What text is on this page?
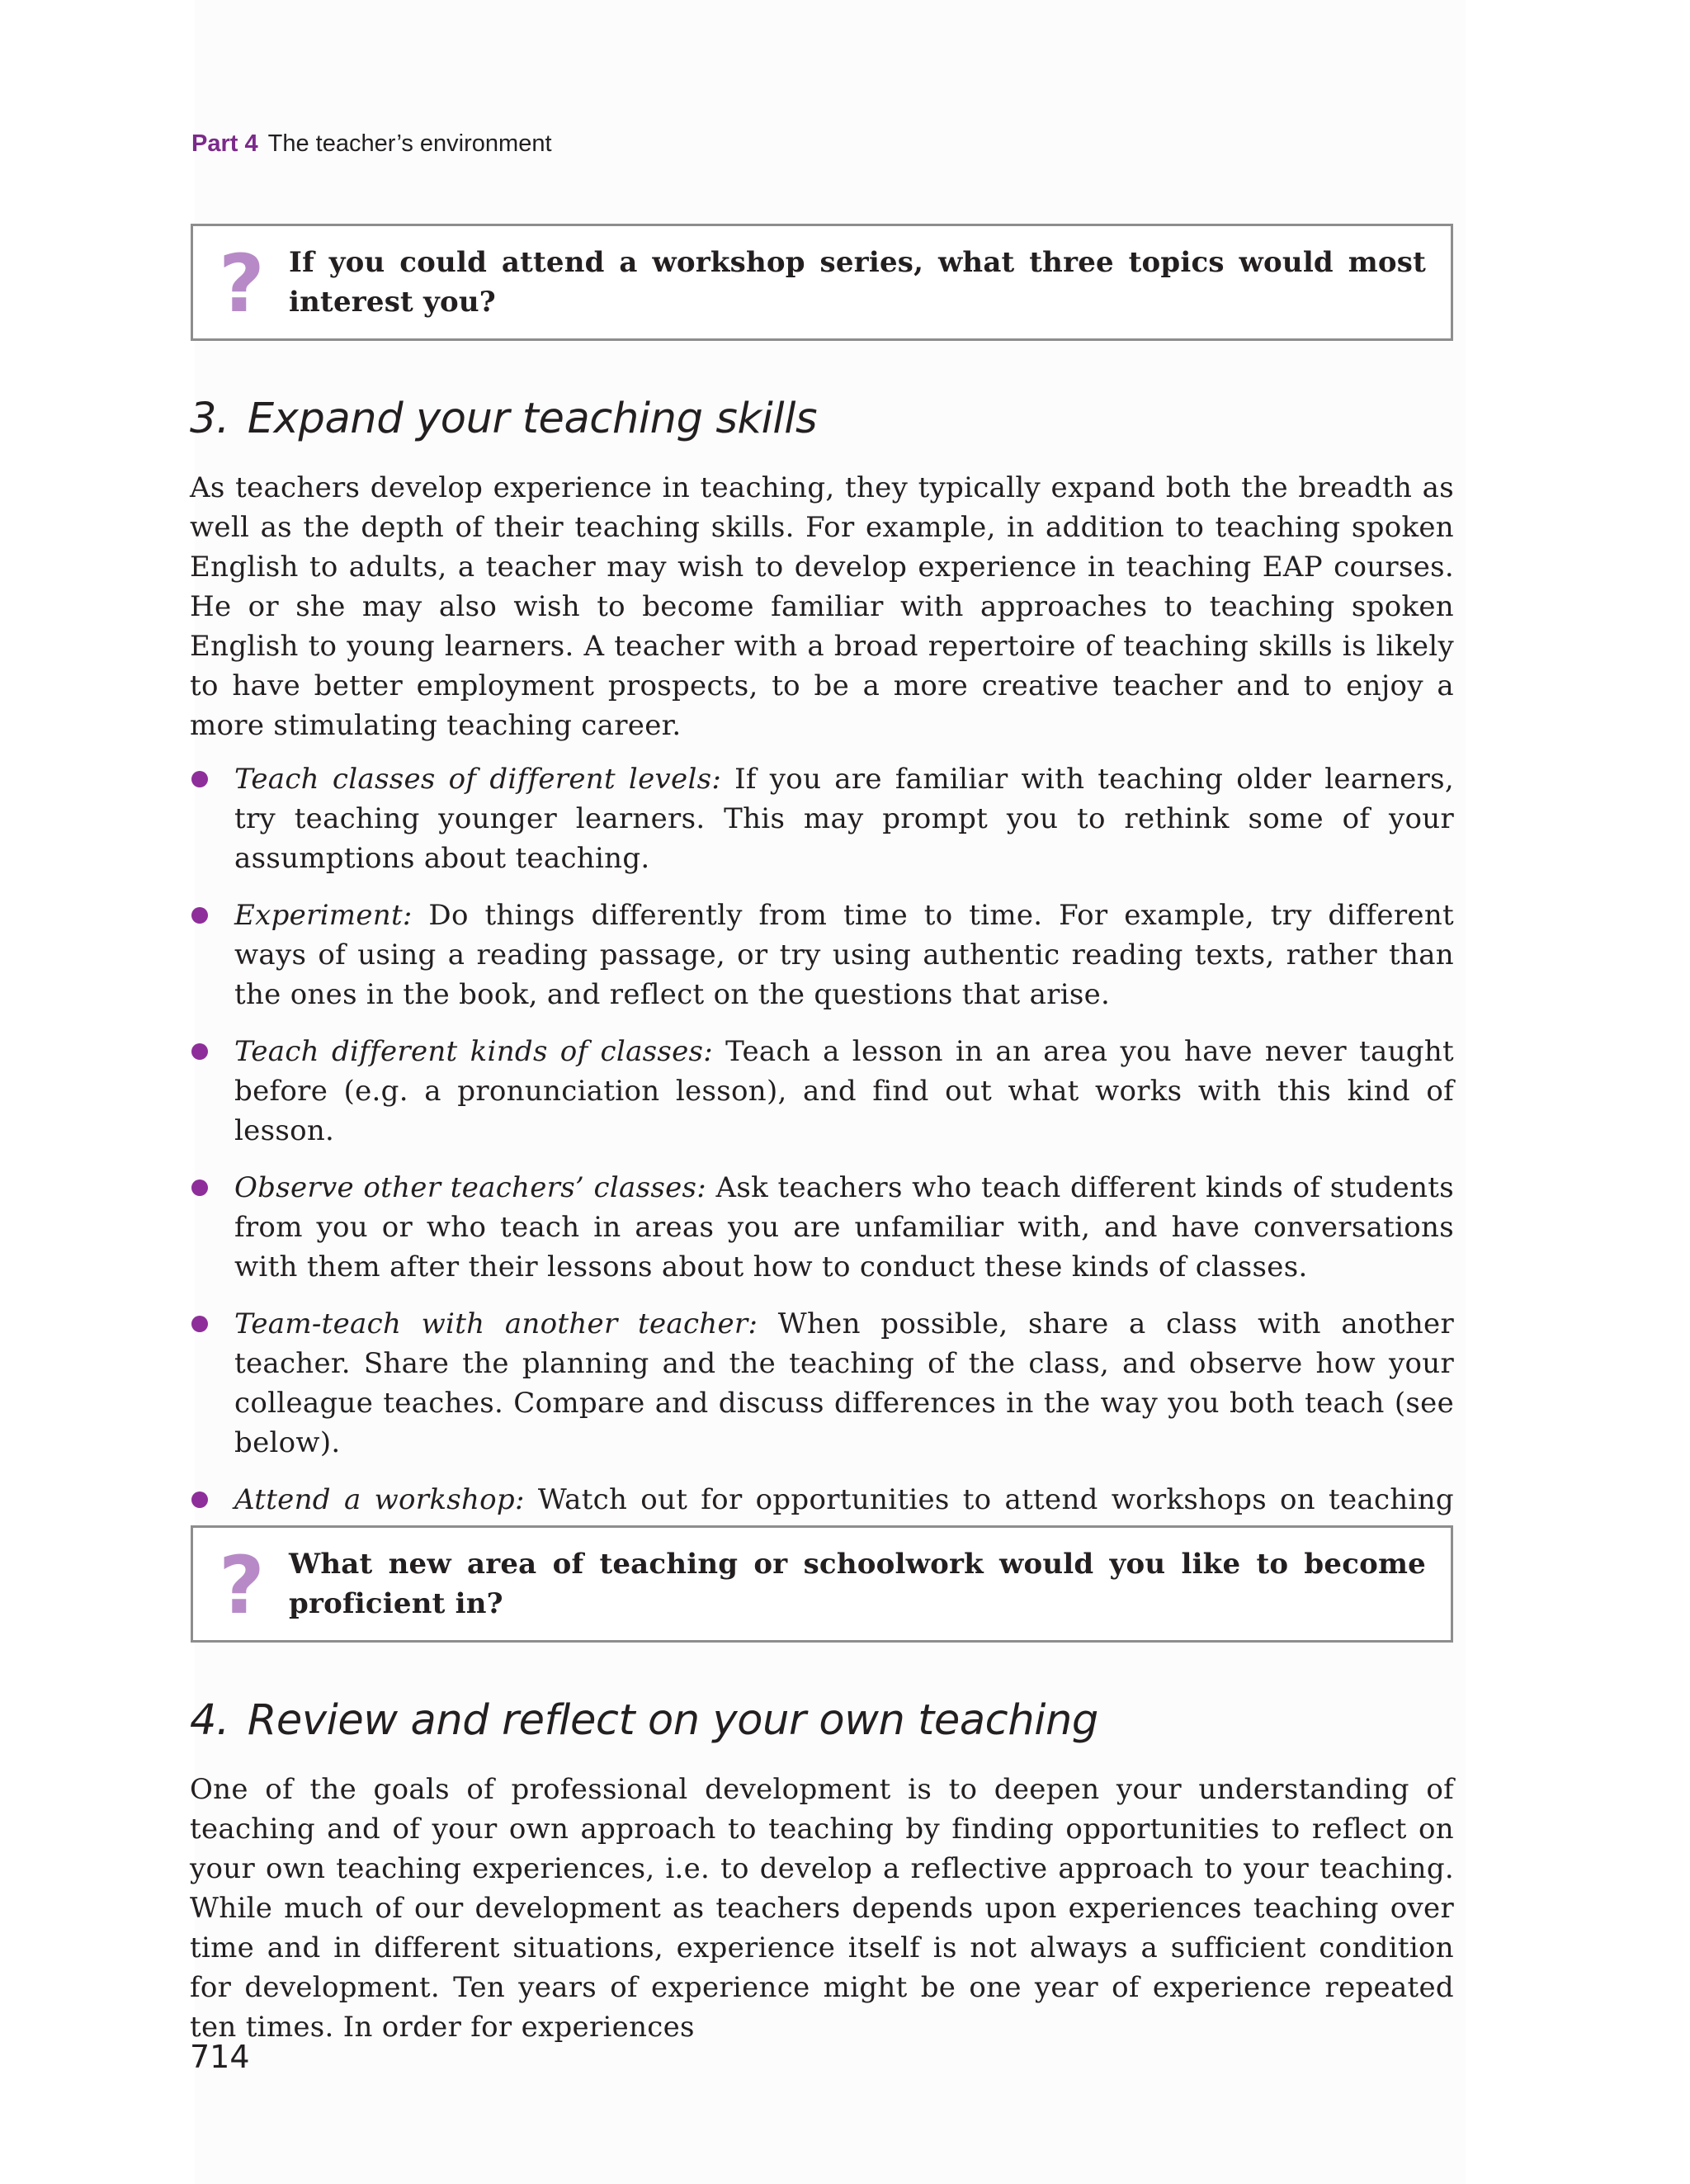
Part 4 The teacher’s environment
? If you could attend a workshop series, what three topics would most interest you?
3. Expand your teaching skills
As teachers develop experience in teaching, they typically expand both the breadth as well as the depth of their teaching skills. For example, in addition to teaching spoken English to adults, a teacher may wish to develop experience in teaching EAP courses. He or she may also wish to become familiar with approaches to teaching spoken English to young learners. A teacher with a broad repertoire of teaching skills is likely to have better employment prospects, to be a more creative teacher and to enjoy a more stimulating teaching career.
Teach classes of different levels: If you are familiar with teaching older learners, try teaching younger learners. This may prompt you to rethink some of your assumptions about teaching.
Experiment: Do things differently from time to time. For example, try different ways of using a reading passage, or try using authentic reading texts, rather than the ones in the book, and reflect on the questions that arise.
Teach different kinds of classes: Teach a lesson in an area you have never taught before (e.g. a pronunciation lesson), and find out what works with this kind of lesson.
Observe other teachers’ classes: Ask teachers who teach different kinds of students from you or who teach in areas you are unfamiliar with, and have conversations with them after their lessons about how to conduct these kinds of classes.
Team-teach with another teacher: When possible, share a class with another teacher. Share the planning and the teaching of the class, and observe how your colleague teaches. Compare and discuss differences in the way you both teach (see below).
Attend a workshop: Watch out for opportunities to attend workshops on teaching
? What new area of teaching or schoolwork would you like to become proficient in?
4. Review and reflect on your own teaching
One of the goals of professional development is to deepen your understanding of teaching and of your own approach to teaching by finding opportunities to reflect on your own teaching experiences, i.e. to develop a reflective approach to your teaching. While much of our development as teachers depends upon experiences teaching over time and in different situations, experience itself is not always a sufficient condition for development. Ten years of experience might be one year of experience repeated ten times. In order for experiences
714
